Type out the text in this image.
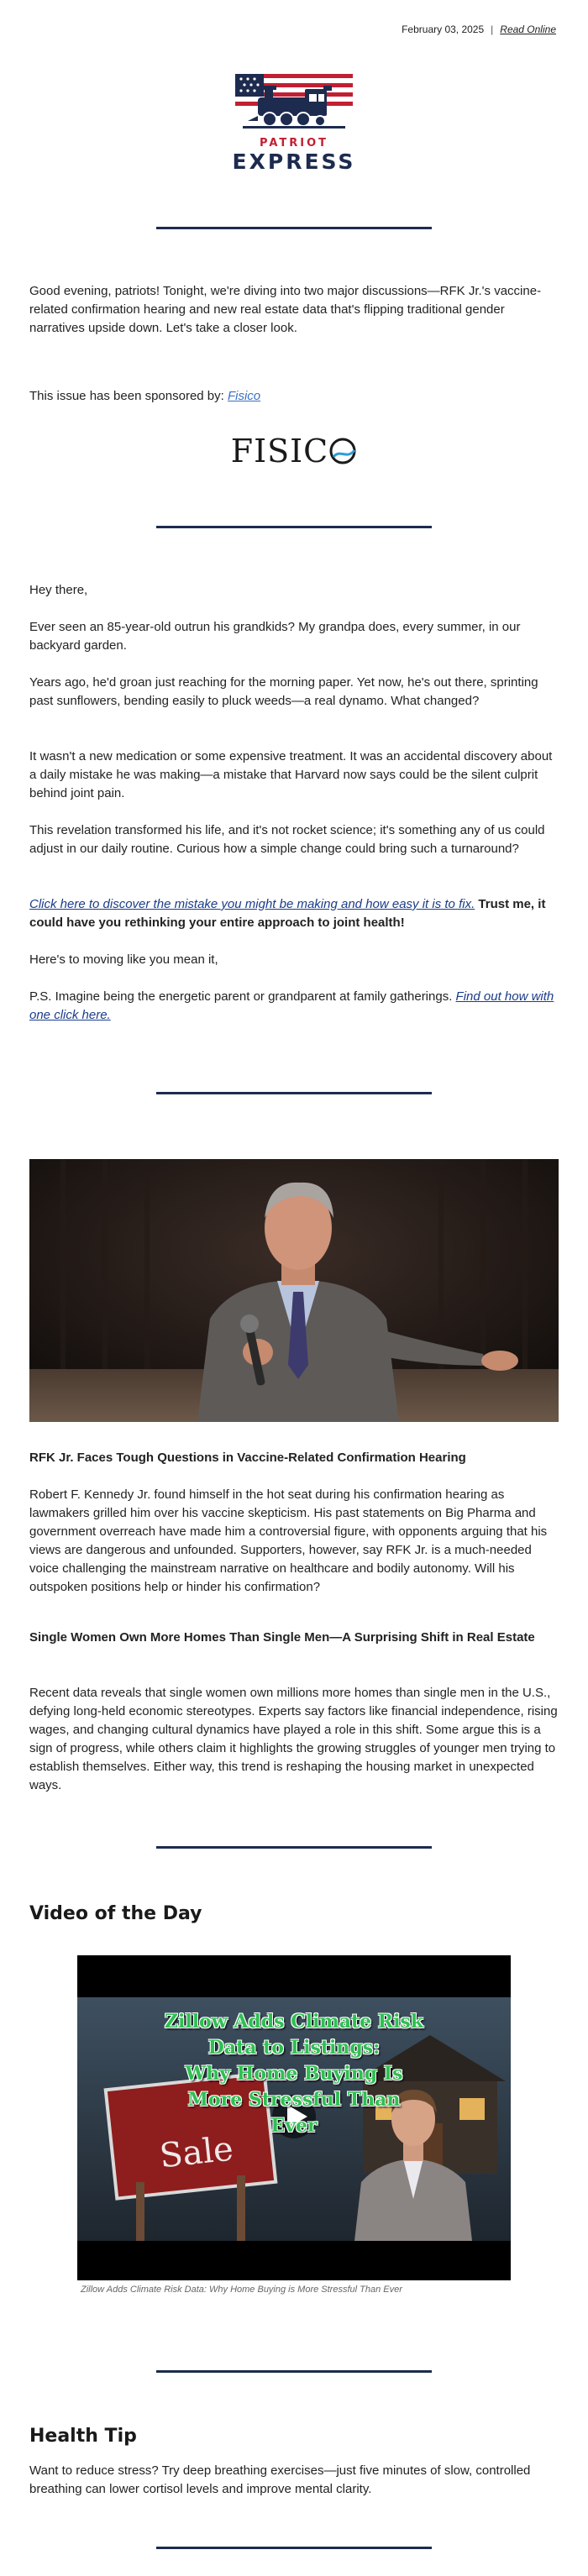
February 03, 2025 | Read Online
PATRIOT
EXPRESS

Good evening, patriots! Tonight, we're diving into two major discussions—RFK Jr.'s vaccine-related confirmation hearing and new real estate data that's flipping traditional gender narratives upside down. Let's take a closer look.

This issue has been sponsored by: Fisico

FISIC

Hey there,

Ever seen an 85-year-old outrun his grandkids? My grandpa does, every summer, in our backyard garden.

Years ago, he'd groan just reaching for the morning paper. Yet now, he's out there, sprinting past sunflowers, bending easily to pluck weeds—a real dynamo. What changed?

It wasn't a new medication or some expensive treatment. It was an accidental discovery about a daily mistake he was making—a mistake that Harvard now says could be the silent culprit behind joint pain.

This revelation transformed his life, and it's not rocket science; it's something any of us could adjust in our daily routine. Curious how a simple change could bring such a turnaround?

Click here to discover the mistake you might be making and how easy it is to fix. Trust me, it could have you rethinking your entire approach to joint health!

Here's to moving like you mean it,

P.S. Imagine being the energetic parent or grandparent at family gatherings. Find out how with one click here.

RFK Jr. Faces Tough Questions in Vaccine-Related Confirmation Hearing

Robert F. Kennedy Jr. found himself in the hot seat during his confirmation hearing as lawmakers grilled him over his vaccine skepticism. His past statements on Big Pharma and government overreach have made him a controversial figure, with opponents arguing that his views are dangerous and unfounded. Supporters, however, say RFK Jr. is a much-needed voice challenging the mainstream narrative on healthcare and bodily autonomy. Will his outspoken positions help or hinder his confirmation?

Single Women Own More Homes Than Single Men—A Surprising Shift in Real Estate

Recent data reveals that single women own millions more homes than single men in the U.S., defying long-held economic stereotypes. Experts say factors like financial independence, rising wages, and changing cultural dynamics have played a role in this shift. Some argue this is a sign of progress, while others claim it highlights the growing struggles of younger men trying to establish themselves. Either way, this trend is reshaping the housing market in unexpected ways.

Video of the Day
Zillow Adds Climate Risk
Data to Listings:
Why Home Buying Is
More Stressful Than
Ever
Sale
Zillow Adds Climate Risk Data: Why Home Buying is More Stressful Than Ever
Health Tip

Want to reduce stress? Try deep breathing exercises—just five minutes of slow, controlled breathing can lower cortisol levels and improve mental clarity.
